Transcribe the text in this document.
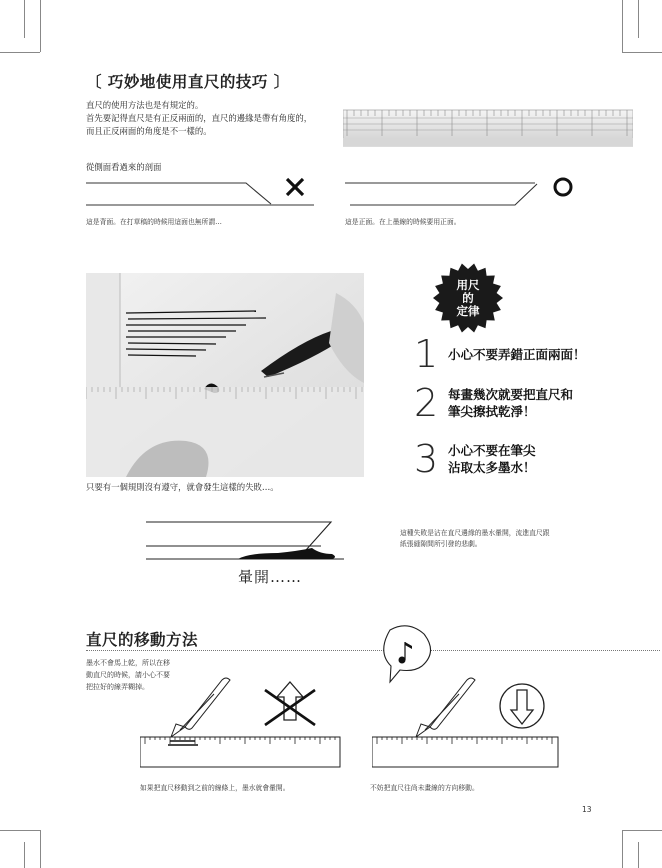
〔 巧妙地使用直尺的技巧 〕
直尺的使用方法也是有規定的。
首先要記得直尺是有正反兩面的，直尺的邊緣是帶有角度的，
而且正反兩面的角度是不一樣的。
從側面看過來的剖面
這是背面。在打草稿的時候用這面也無所謂…	這是正面。在上墨線的時候要用正面。
只要有一個規則沒有遵守，就會發生這樣的失敗…。
用尺
的
定律
1 小心不要弄錯正面兩面！
2 每畫幾次就要把直尺和
筆尖擦拭乾淨！
3 小心不要在筆尖
沾取太多墨水！
暈開……
這種失敗是沾在直尺邊緣的墨水暈開，流進直尺跟
紙張縫隙間所引發的悲劇。
直尺的移動方法
墨水不會馬上乾，所以在移
動直尺的時候，請小心不要
把拉好的線弄糊掉。
如果把直尺移動到之前的線條上，墨水就會暈開。	不妨把直尺往尚未畫線的方向移動。
13
